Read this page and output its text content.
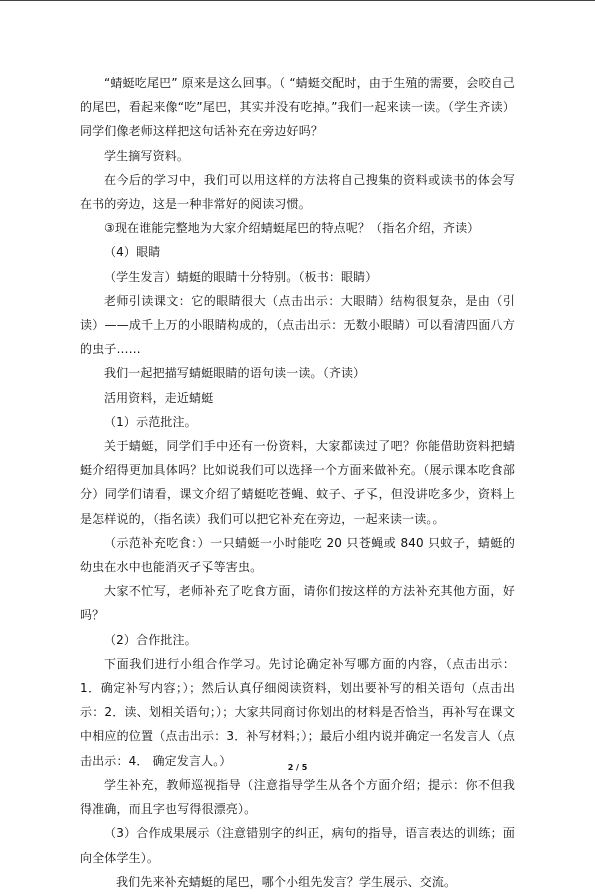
“蜻蜓吃尾巴” 原来是这么回事。（ “蜻蜓交配时，由于生殖的需要，会咬自己的尾巴，看起来像“吃”尾巴，其实并没有吃掉。”我们一起来读一读。（学生齐读）同学们像老师这样把这句话补充在旁边好吗？

学生摘写资料。

在今后的学习中，我们可以用这样的方法将自己搜集的资料或读书的体会写在书的旁边，这是一种非常好的阅读习惯。

③现在谁能完整地为大家介绍蜻蜓尾巴的特点呢？（指名介绍，齐读）

（4）眼睛

（学生发言）蜻蜓的眼睛十分特别。（板书：眼睛）

老师引读课文：它的眼睛很大（点击出示：大眼睛）结构很复杂，是由（引读）——成千上万的小眼睛构成的，（点击出示：无数小眼睛）可以看清四面八方的虫子……

我们一起把描写蜻蜓眼睛的语句读一读。（齐读）

活用资料，走近蜻蜓

（1）示范批注。

关于蜻蜓，同学们手中还有一份资料，大家都读过了吧？你能借助资料把蜻蜓介绍得更加具体吗？比如说我们可以选择一个方面来做补充。（展示课本吃食部分）同学们请看，课文介绍了蜻蜓吃苍蝇、蚊子、孑孓，但没讲吃多少，资料上是怎样说的，（指名读）我们可以把它补充在旁边，一起来读一读。。

（示范补充吃食：）一只蜻蜓一小时能吃 20 只苍蝇或 840 只蚊子，蜻蜓的幼虫在水中也能消灭孑孓等害虫。

大家不忙写，老师补充了吃食方面，请你们按这样的方法补充其他方面，好吗？

（2）合作批注。

下面我们进行小组合作学习。先讨论确定补写哪方面的内容，（点击出示：1．确定补写内容；）；然后认真仔细阅读资料，划出要补写的相关语句（点击出示：2．读、划相关语句；）；大家共同商讨你划出的材料是否恰当，再补写在课文中相应的位置（点击出示：3．补写材料；）；最后小组内说并确定一名发言人（点击出示：4． 确定发言人。）

学生补充，教师巡视指导（注意指导学生从各个方面介绍；提示：你不但我得准确，而且字也写得很漂亮）。

（3）合作成果展示（注意错别字的纠正，病句的指导，语言表达的训练；面向全体学生）。

我们先来补充蜻蜓的尾巴，哪个小组先发言？学生展示、交流。

2 / 5
